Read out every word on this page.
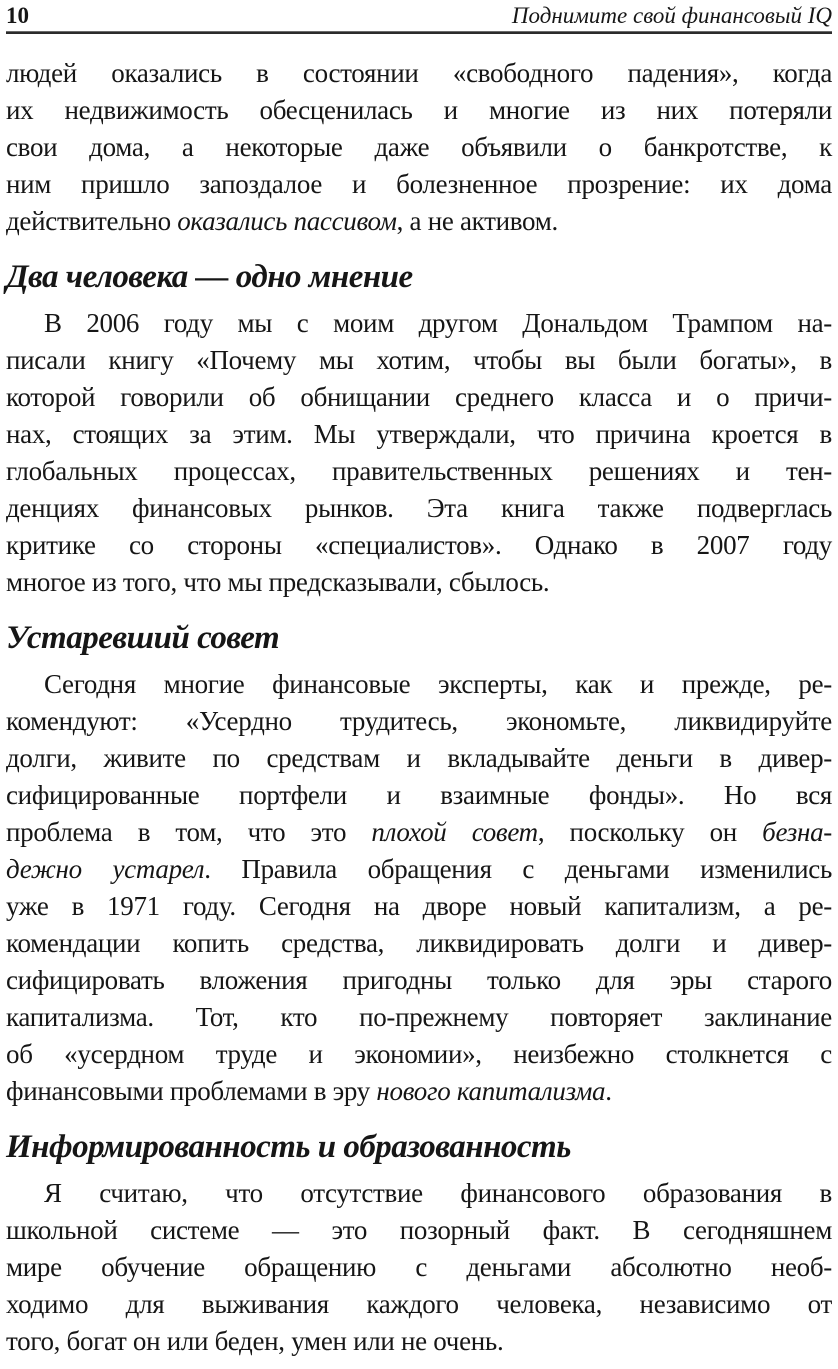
10	Поднимите свой финансовый IQ
людей оказались в состоянии «свободного падения», когда
их недвижимость обесценилась и многие из них потеряли
свои дома, а некоторые даже объявили о банкротстве, к
ним пришло запоздалое и болезненное прозрение: их дома
действительно оказались пассивом, а не активом.
Два человека — одно мнение
В 2006 году мы с моим другом Дональдом Трампом на-
писали книгу «Почему мы хотим, чтобы вы были богаты», в
которой говорили об обнищании среднего класса и о причи-
нах, стоящих за этим. Мы утверждали, что причина кроется в
глобальных процессах, правительственных решениях и тен-
денциях финансовых рынков. Эта книга также подверглась
критике со стороны «специалистов». Однако в 2007 году
многое из того, что мы предсказывали, сбылось.
Устаревший совет
Сегодня многие финансовые эксперты, как и прежде, ре-
комендуют: «Усердно трудитесь, экономьте, ликвидируйте
долги, живите по средствам и вкладывайте деньги в дивер-
сифицированные портфели и взаимные фонды». Но вся
проблема в том, что это плохой совет, поскольку он безна-
дежно устарел. Правила обращения с деньгами изменились
уже в 1971 году. Сегодня на дворе новый капитализм, а ре-
комендации копить средства, ликвидировать долги и дивер-
сифицировать вложения пригодны только для эры старого
капитализма. Тот, кто по-прежнему повторяет заклинание
об «усердном труде и экономии», неизбежно столкнется с
финансовыми проблемами в эру нового капитализма.
Информированность и образованность
Я считаю, что отсутствие финансового образования в
школьной системе — это позорный факт. В сегодняшнем
мире обучение обращению с деньгами абсолютно необ-
ходимо для выживания каждого человека, независимо от
того, богат он или беден, умен или не очень.
